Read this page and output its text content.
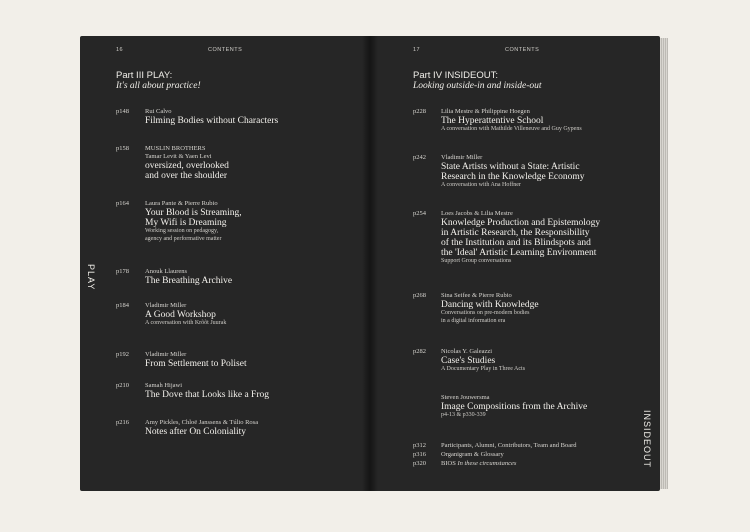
16	CONTENTS
Part III PLAY:
It's all about practice!
PLAY
p148 Rui Calvo
Filming Bodies without Characters
p158 MUSLIN BROTHERS
Tamar Levit & Yaen Levi
oversized, overlooked
and over the shoulder
p164 Laura Pante & Pierre Rubio
Your Blood is Streaming,
My Wifi is Dreaming
Working session on pedagogy,
agency and performative matter
p178 Anouk Llaurens
The Breathing Archive
p184 Vladimir Miller
A Good Workshop
A conversation with Krõõt Juurak
p192 Vladimir Miller
From Settlement to Poliset
p210 Samah Hijawi
The Dove that Looks like a Frog
p216 Amy Pickles, Chloë Janssens & Túlio Rosa
Notes after On Coloniality
17	CONTENTS
Part IV INSIDEOUT:
Looking outside-in and inside-out
INSIDEOUT
p228 Lilia Mestre & Philippine Hoegen
The Hyperattentive School
A conversation with Mathilde Villeneuve and Guy Gypens
p242 Vladimir Miller
State Artists without a State: Artistic
Research in the Knowledge Economy
A conversation with Ana Hoffner
p254 Loes Jacobs & Lilia Mestre
Knowledge Production and Epistemology
in Artistic Research, the Responsibility
of the Institution and its Blindspots and
the 'Ideal' Artistic Learning Environment
Support Group conversations
p268 Sina Seifee & Pierre Rubio
Dancing with Knowledge
Conversations on pre-modern bodies
in a digital information era
p282 Nicolas Y. Galeazzi
Case's Studies
A Documentary Play in Three Acts
Steven Jouwersma
Image Compositions from the Archive
p4-13 & p330-339
p312 Participants, Alumni, Contributors, Team and Board
p316 Organigram & Glossary
p320 BIOS In these circumstances
